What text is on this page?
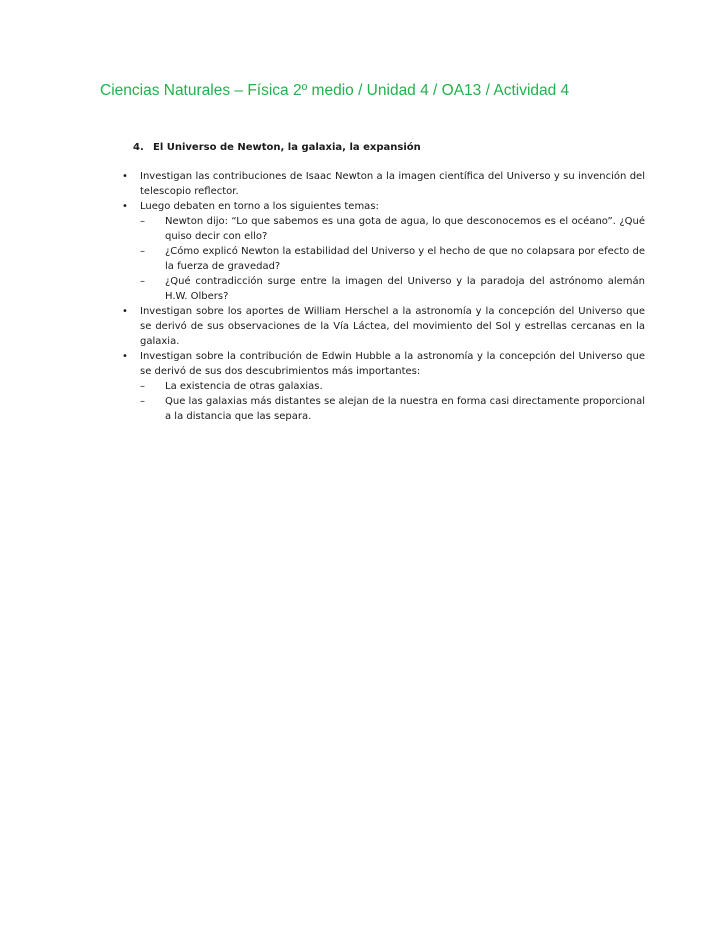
Ciencias Naturales – Física 2º medio / Unidad 4 / OA13 / Actividad 4
4. El Universo de Newton, la galaxia, la expansión
• Investigan las contribuciones de Isaac Newton a la imagen científica del Universo y su invención del telescopio reflector.
• Luego debaten en torno a los siguientes temas:
– Newton dijo: “Lo que sabemos es una gota de agua, lo que desconocemos es el océano”. ¿Qué quiso decir con ello?
– ¿Cómo explicó Newton la estabilidad del Universo y el hecho de que no colapsara por efecto de la fuerza de gravedad?
– ¿Qué contradicción surge entre la imagen del Universo y la paradoja del astrónomo alemán H.W. Olbers?
• Investigan sobre los aportes de William Herschel a la astronomía y la concepción del Universo que se derivó de sus observaciones de la Vía Láctea, del movimiento del Sol y estrellas cercanas en la galaxia.
• Investigan sobre la contribución de Edwin Hubble a la astronomía y la concepción del Universo que se derivó de sus dos descubrimientos más importantes:
– La existencia de otras galaxias.
– Que las galaxias más distantes se alejan de la nuestra en forma casi directamente proporcional a la distancia que las separa.
